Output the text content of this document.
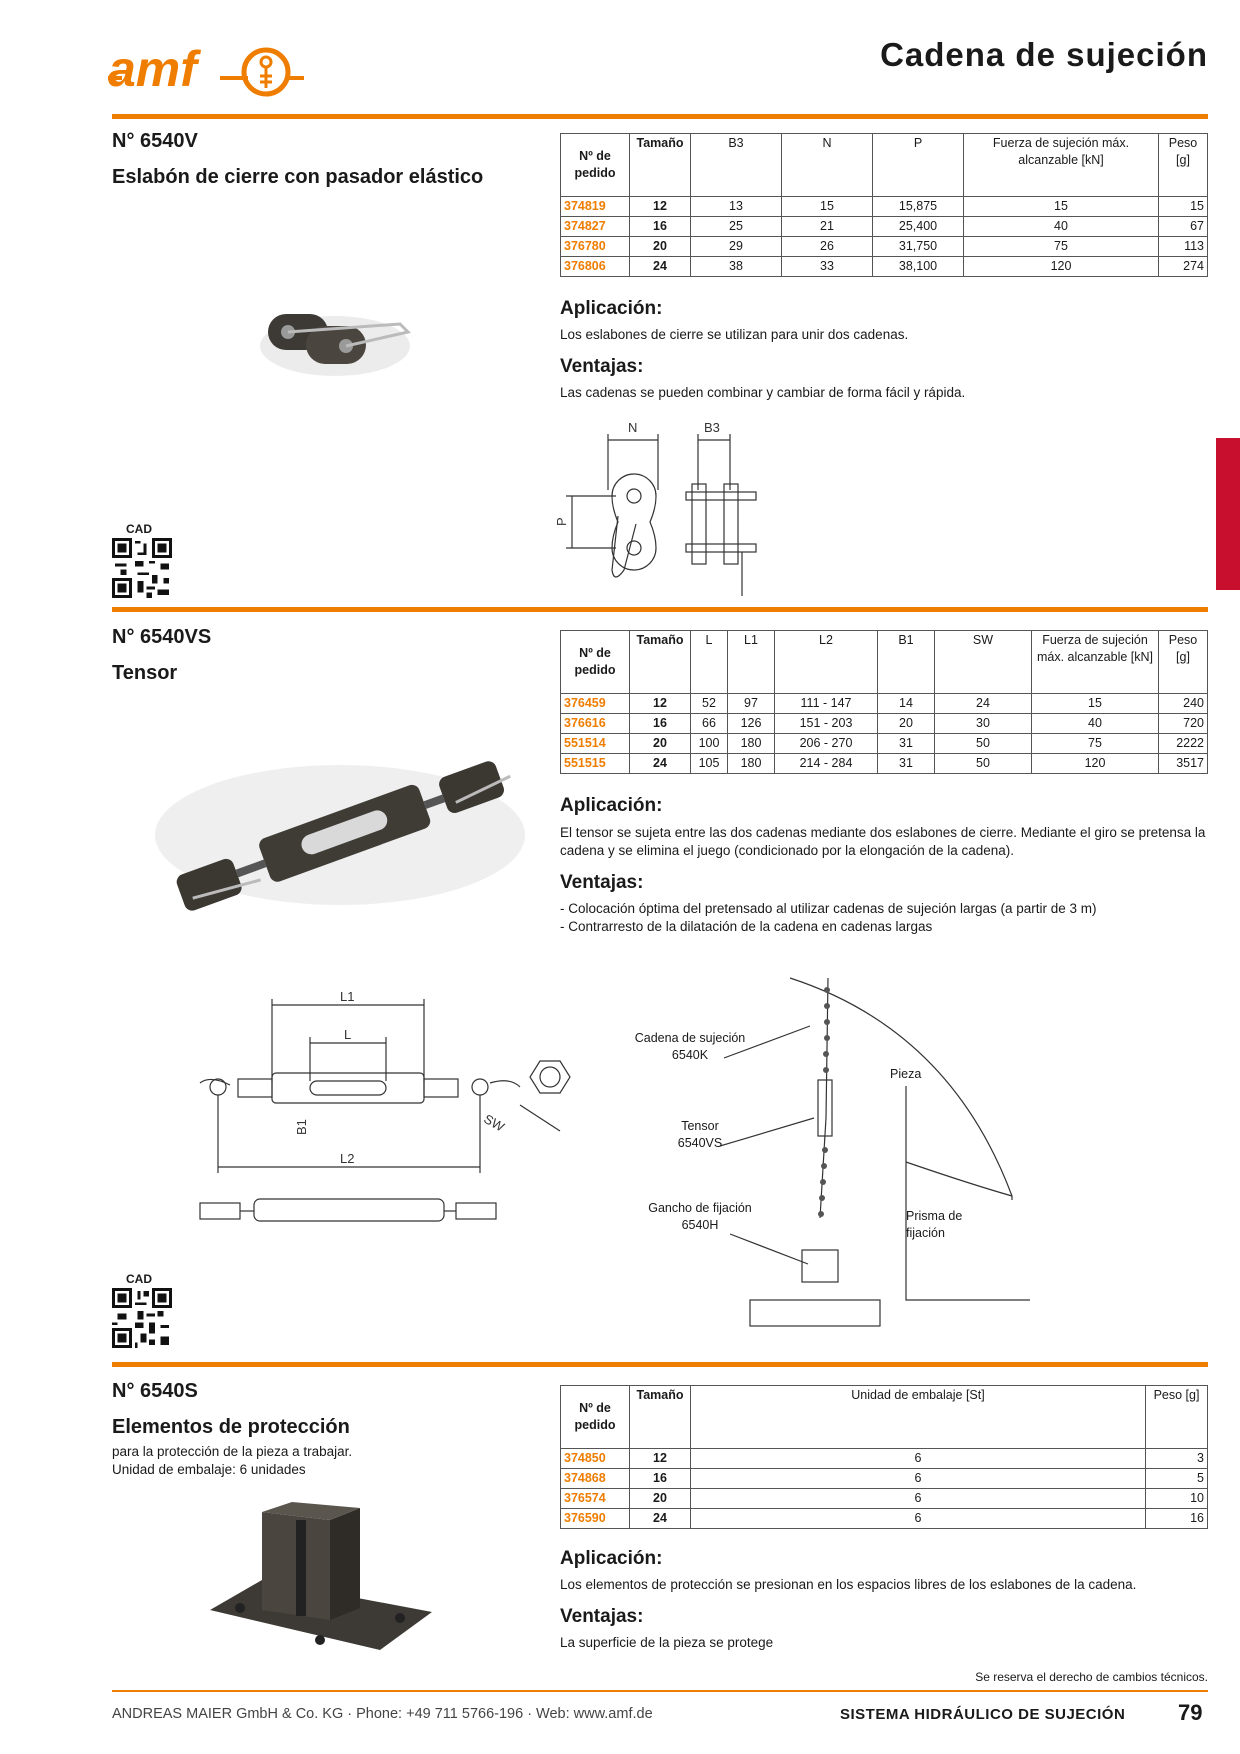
amf	Cadena de sujeción
N° 6540V
Eslabón de cierre con pasador elástico
Nº de pedido	Tamaño	B3	N	P	Fuerza de sujeción máx. alcanzable [kN]	Peso [g]
374819	12	13	15	15,875	15	15
374827	16	25	21	25,400	40	67
376780	20	29	26	31,750	75	113
376806	24	38	33	38,100	120	274
Aplicación:
Los eslabones de cierre se utilizan para unir dos cadenas.
Ventajas:
Las cadenas se pueden combinar y cambiar de forma fácil y rápida.
N	B3
P
CAD
N° 6540VS
Tensor
Nº de pedido	Tamaño	L	L1	L2	B1	SW	Fuerza de sujeción máx. alcanzable [kN]	Peso [g]
376459	12	52	97	111 - 147	14	24	15	240
376616	16	66	126	151 - 203	20	30	40	720
551514	20	100	180	206 - 270	31	50	75	2222
551515	24	105	180	214 - 284	31	50	120	3517
Aplicación:
El tensor se sujeta entre las dos cadenas mediante dos eslabones de cierre. Mediante el giro se pretensa la cadena y se elimina el juego (condicionado por la elongación de la cadena).
Ventajas:
- Colocación óptima del pretensado al utilizar cadenas de sujeción largas (a partir de 3 m)
- Contrarresto de la dilatación de la cadena en cadenas largas
L1
L
B1
L2
SW
Cadena de sujeción
6540K
Pieza
Tensor
6540VS
Gancho de fijación
6540H
Prisma de
fijación
CAD
N° 6540S
Elementos de protección
para la protección de la pieza a trabajar.
Unidad de embalaje: 6 unidades
Nº de pedido	Tamaño	Unidad de embalaje [St]	Peso [g]
374850	12	6	3
374868	16	6	5
376574	20	6	10
376590	24	6	16
Aplicación:
Los elementos de protección se presionan en los espacios libres de los eslabones de la cadena.
Ventajas:
La superficie de la pieza se protege
Se reserva el derecho de cambios técnicos.
ANDREAS MAIER GmbH & Co. KG · Phone: +49 711 5766-196 · Web: www.amf.de	SISTEMA HIDRÁULICO DE SUJECIÓN 79
